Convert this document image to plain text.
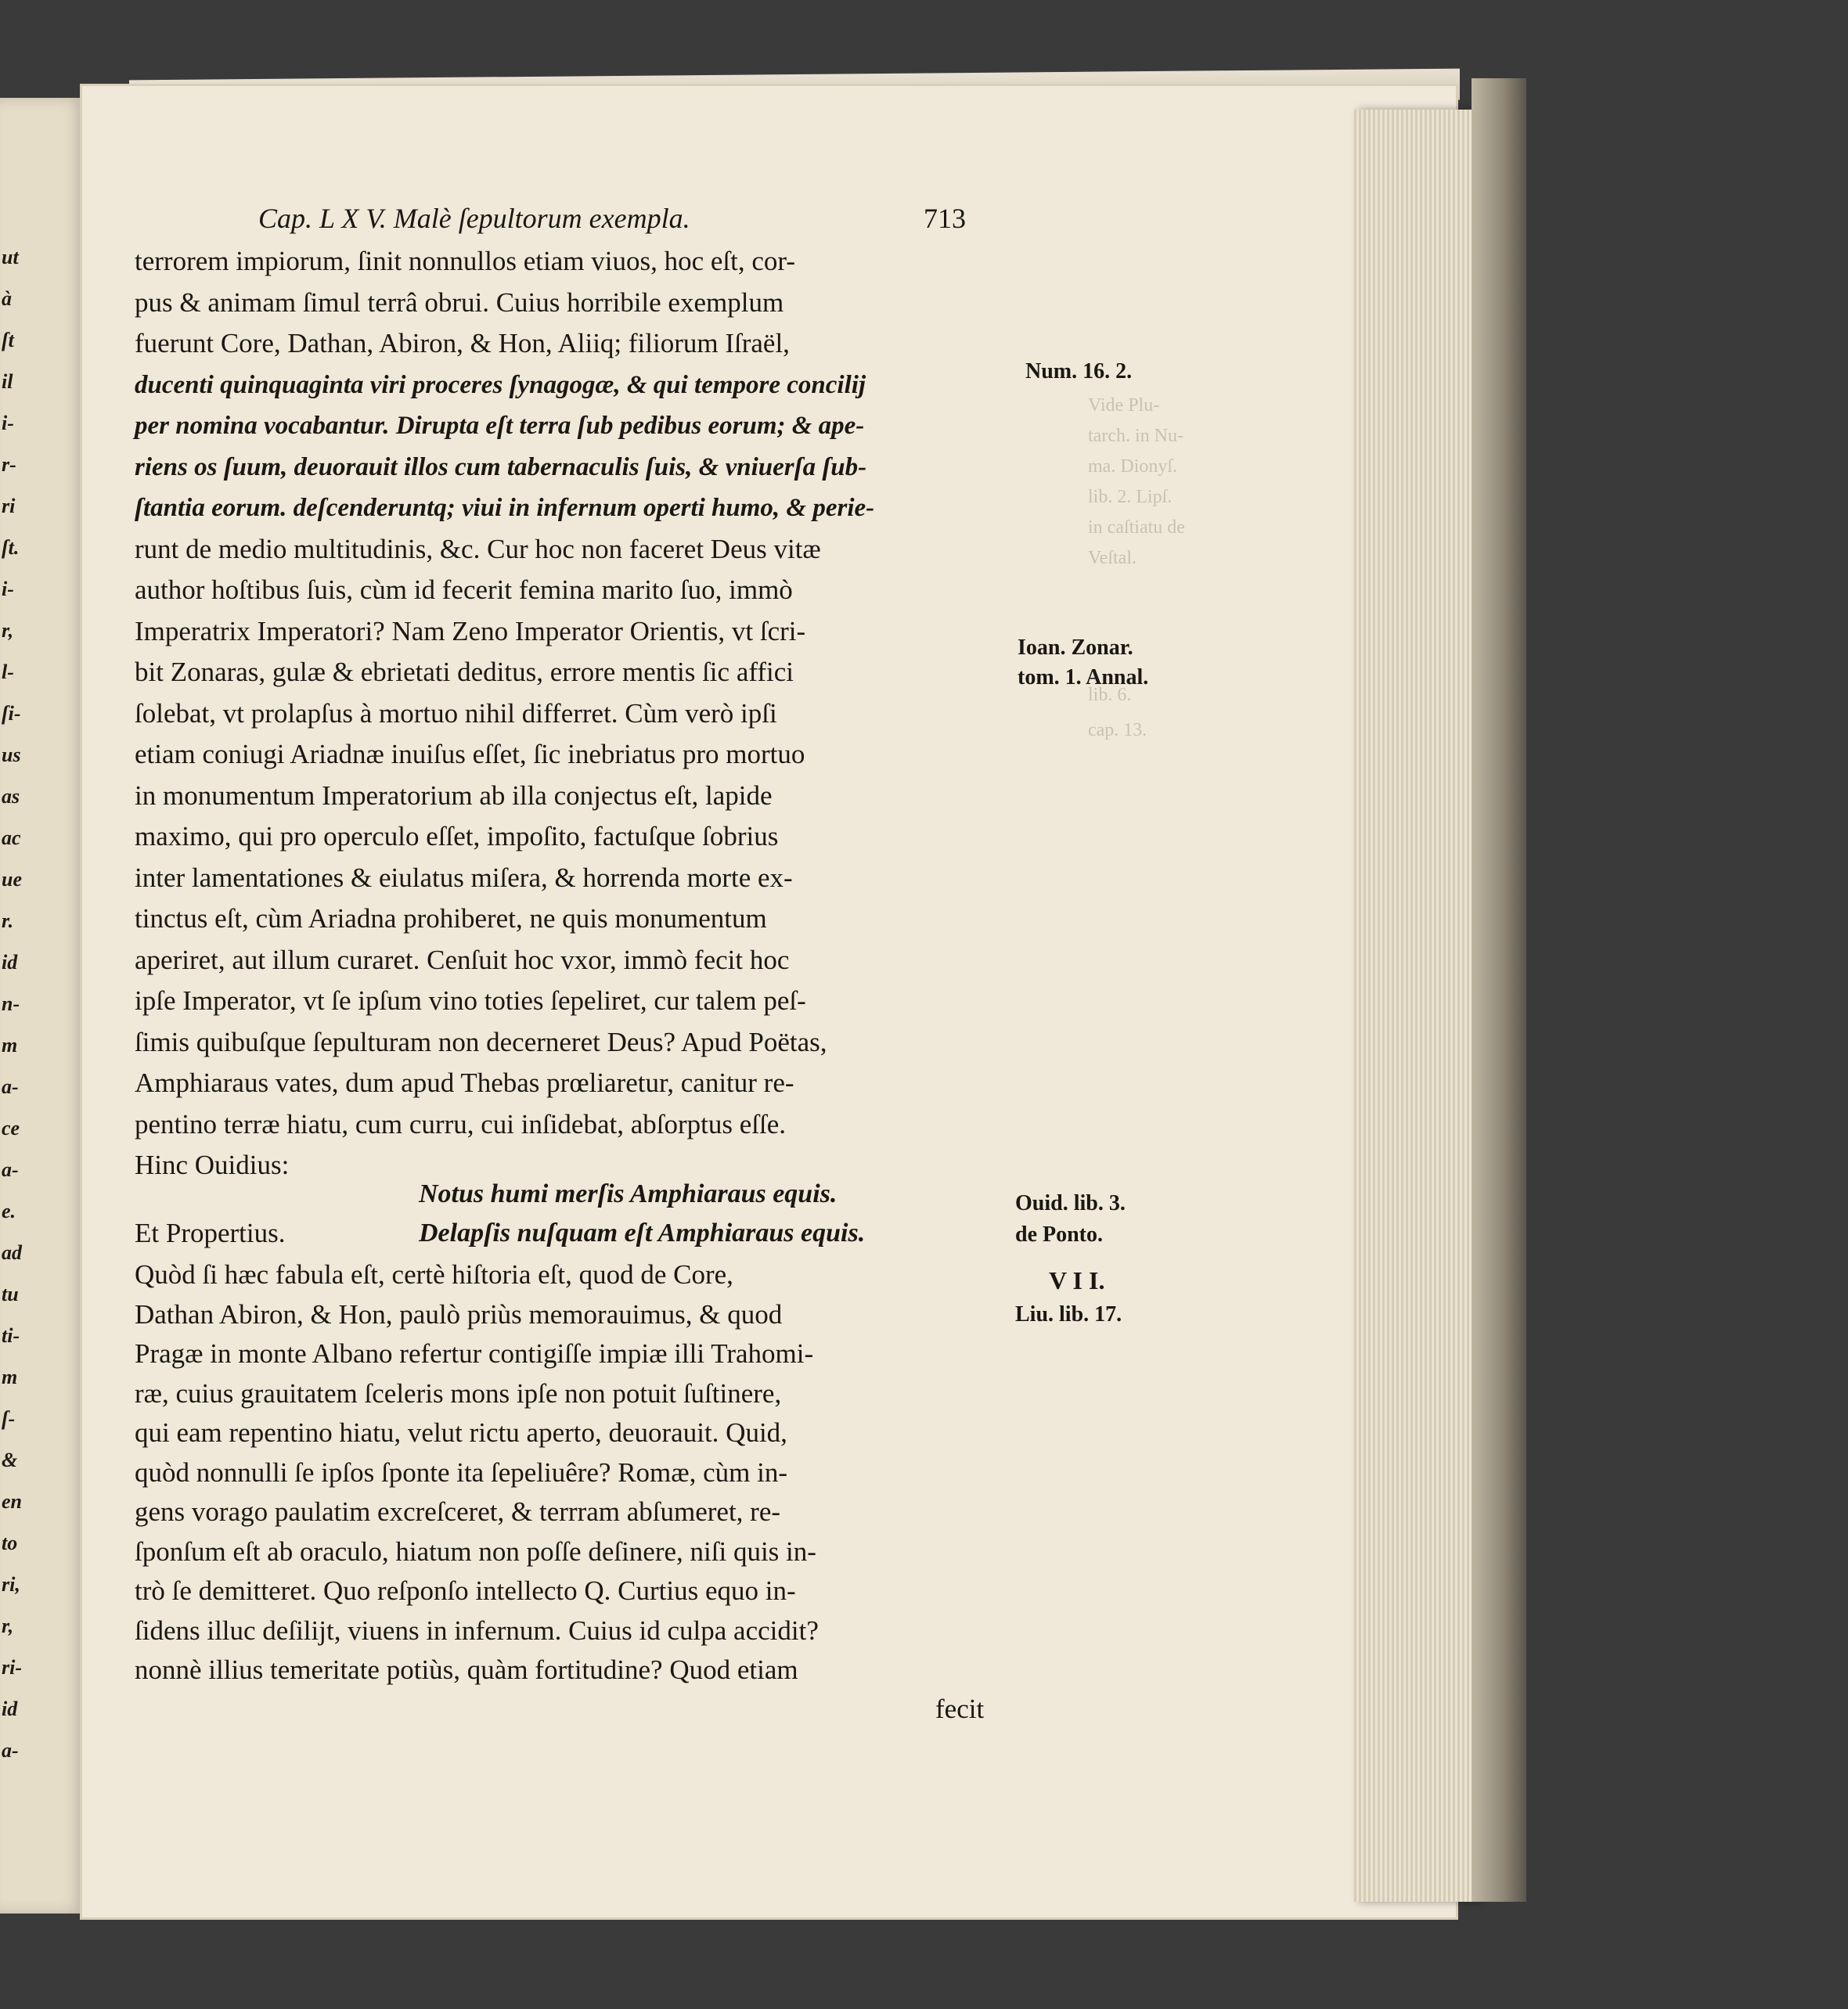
ut
à
ſt
il
i-
r-
ri
ſt.
i-
r,
l-
ſi-
us
as
ac
ue
r.
id
n-
m
a-
ce
a-
e.
ad
tu
ti-
m
ſ-
&
en
to
ri,
r,
ri-
id
a-
Cap. L X V. Malè ſepultorum exempla.	713
terrorem impiorum, ſinit nonnullos etiam viuos, hoc eſt, cor-
pus & animam ſimul terrâ obrui. Cuius horribile exemplum
fuerunt Core, Dathan, Abiron, & Hon, Aliiq; filiorum Iſraël,
ducenti quinquaginta viri proceres ſynagogæ, & qui tempore concilij
per nomina vocabantur. Dirupta eſt terra ſub pedibus eorum; & ape-
riens os ſuum, deuorauit illos cum tabernaculis ſuis, & vniuerſa ſub-
ſtantia eorum. deſcenderuntq; viui in infernum operti humo, & perie-
runt de medio multitudinis, &c. Cur hoc non faceret Deus vitæ
author hoſtibus ſuis, cùm id fecerit femina marito ſuo, immò
Imperatrix Imperatori? Nam Zeno Imperator Orientis, vt ſcri-
bit Zonaras, gulæ & ebrietati deditus, errore mentis ſic affici
ſolebat, vt prolapſus à mortuo nihil differret. Cùm verò ipſi
etiam coniugi Ariadnæ inuiſus eſſet, ſic inebriatus pro mortuo
in monumentum Imperatorium ab illa conjectus eſt, lapide
maximo, qui pro operculo eſſet, impoſito, factuſque ſobrius
inter lamentationes & eiulatus miſera, & horrenda morte ex-
tinctus eſt, cùm Ariadna prohiberet, ne quis monumentum
aperiret, aut illum curaret. Cenſuit hoc vxor, immò fecit hoc
ipſe Imperator, vt ſe ipſum vino toties ſepeliret, cur talem peſ-
ſimis quibuſque ſepulturam non decerneret Deus? Apud Poëtas,
Amphiaraus vates, dum apud Thebas prœliaretur, canitur re-
pentino terræ hiatu, cum curru, cui inſidebat, abſorptus eſſe.
Hinc Ouidius:
Notus humi merſis Amphiaraus equis.
Et Propertius.	Delapſis nuſquam eſt Amphiaraus equis.
Quòd ſi hæc fabula eſt, certè hiſtoria eſt, quod de Core,
Dathan Abiron, & Hon, paulò priùs memorauimus, & quod
Pragæ in monte Albano refertur contigiſſe impiæ illi Trahomi-
ræ, cuius grauitatem ſceleris mons ipſe non potuit ſuſtinere,
qui eam repentino hiatu, velut rictu aperto, deuorauit. Quid,
quòd nonnulli ſe ipſos ſponte ita ſepeliuêre? Romæ, cùm in-
gens vorago paulatim excreſceret, & terrram abſumeret, re-
ſponſum eſt ab oraculo, hiatum non poſſe deſinere, niſi quis in-
trò ſe demitteret. Quo reſponſo intellecto Q. Curtius equo in-
ſidens illuc deſilijt, viuens in infernum. Cuius id culpa accidit?
nonnè illius temeritate potiùs, quàm fortitudine? Quod etiam
fecit
Num. 16. 2.
Ioan. Zonar.
tom. 1. Annal.
Ouid. lib. 3.
de Ponto.
V I I.
Liu. lib. 17.
Vide Plu-
tarch. in Nu-
ma. Dionyſ.
lib. 2. Lipſ.
in caſtiatu de
Veſtal.
lib. 6.
cap. 13.
